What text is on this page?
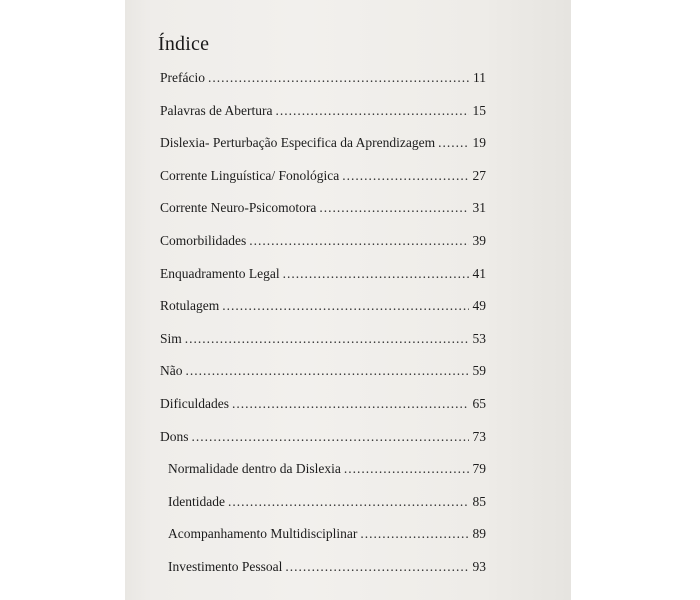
Índice
Prefácio .....	11
Palavras de Abertura .....	15
Dislexia- Perturbação Especifica da Aprendizagem .....	19
Corrente Linguística/ Fonológica .....	27
Corrente Neuro-Psicomotora .....	31
Comorbilidades .....	39
Enquadramento Legal .....	41
Rotulagem .....	49
Sim .....	53
Não .....	59
Dificuldades .....	65
Dons .....	73
Normalidade dentro da Dislexia .....	79
Identidade .....	85
Acompanhamento Multidisciplinar .....	89
Investimento Pessoal .....	93
